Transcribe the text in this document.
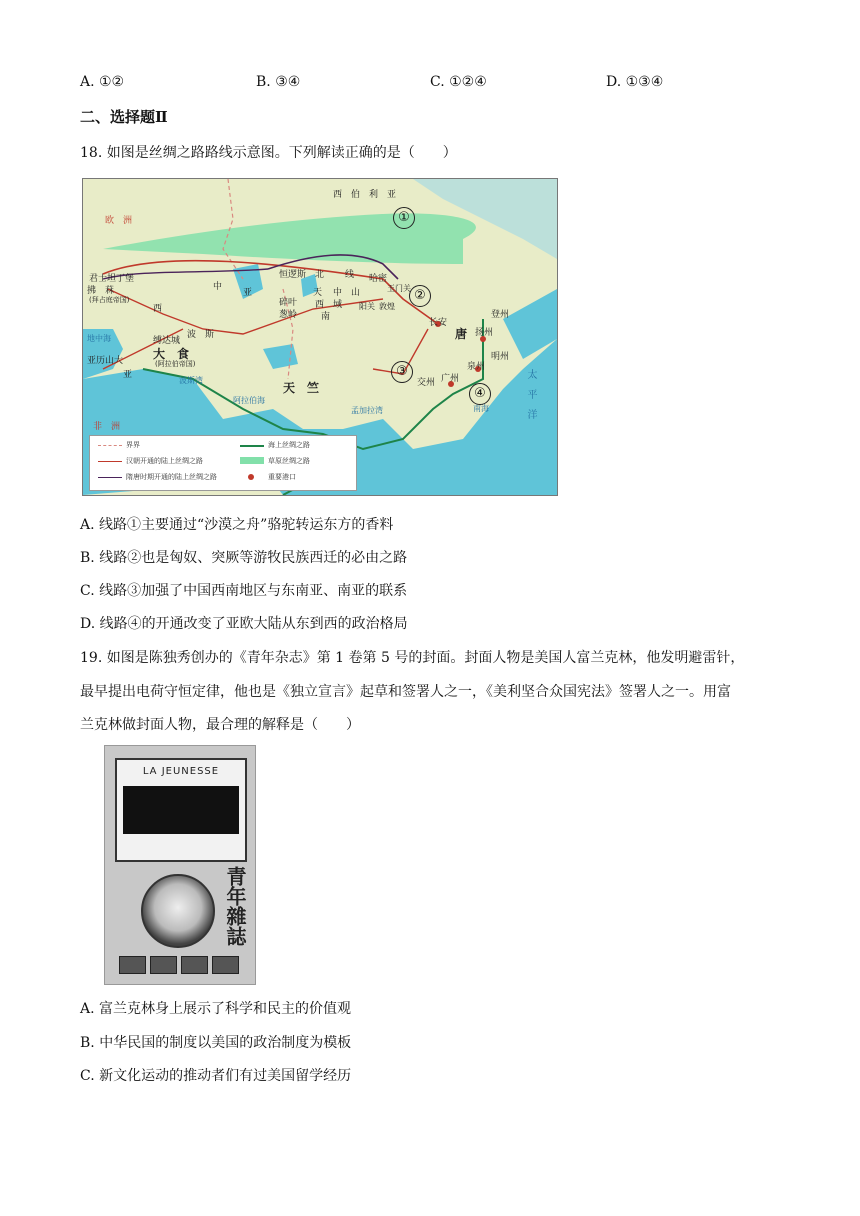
A. ①②	B. ③④	C. ①②④	D. ①③④
二、选择题Ⅱ
18. 如图是丝绸之路路线示意图。下列解读正确的是（　　）
西　伯　利　亚
欧　洲
君士坦丁堡
拂　菻
(拜占庭帝国)
西
中
亚
恒逻斯 北 线 哈密
天 中　山
西　域
南
碎叶
葱岭
阳关 敦煌
玉门关
长安
唐 扬州
明州
登州
波　斯
大　食
(阿拉伯帝国)
缚达城
地中海
亚历山大
亚
波斯湾
阿拉伯海
天　竺
孟加拉湾
交州 广州
泉州
非　洲
太　平　洋
南海
①
②
③
④
界界
汉朝开通的陆上丝绸之路
隋唐时期开通的陆上丝绸之路
海上丝绸之路
草原丝绸之路
重要港口
A. 线路①主要通过“沙漠之舟”骆驼转运东方的香料
B. 线路②也是匈奴、突厥等游牧民族西迁的必由之路
C. 线路③加强了中国西南地区与东南亚、南亚的联系
D. 线路④的开通改变了亚欧大陆从东到西的政治格局
19. 如图是陈独秀创办的《青年杂志》第 1 卷第 5 号的封面。封面人物是美国人富兰克林，他发明避雷针，
最早提出电荷守恒定律，他也是《独立宣言》起草和签署人之一，《美利坚合众国宪法》签署人之一。用富
兰克林做封面人物，最合理的解释是（　　）
LA JEUNESSE
青年雜誌
A. 富兰克林身上展示了科学和民主的价值观
B. 中华民国的制度以美国的政治制度为模板
C. 新文化运动的推动者们有过美国留学经历
